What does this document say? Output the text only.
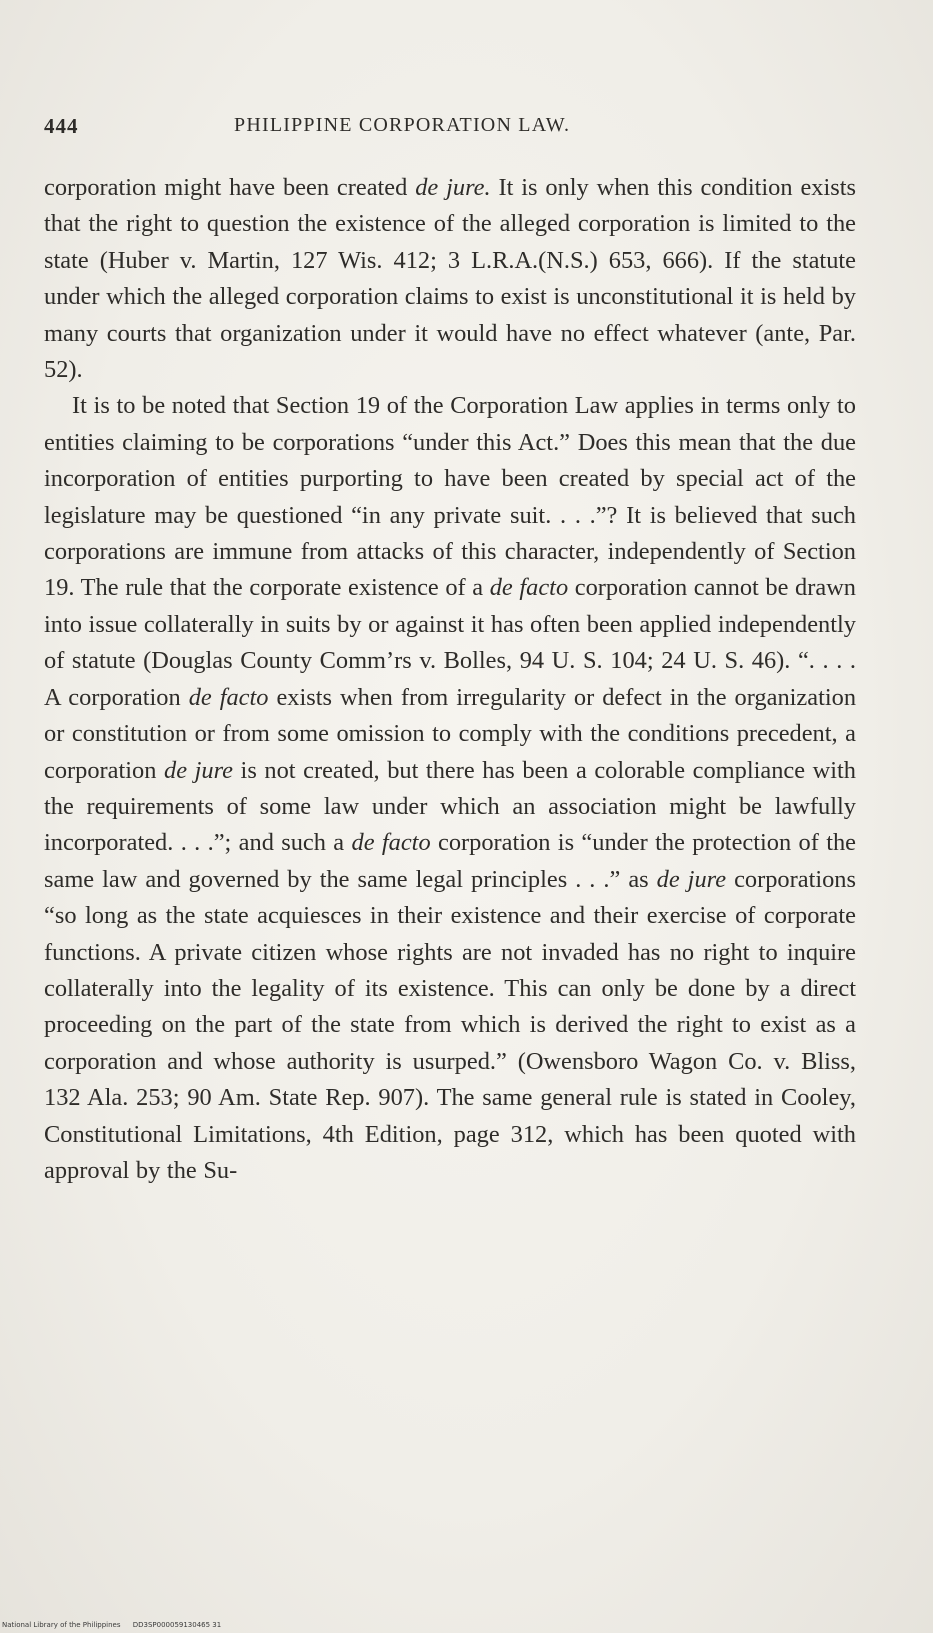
444	PHILIPPINE CORPORATION LAW.

corporation might have been created de jure. It is only when this condition exists that the right to question the existence of the alleged corporation is limited to the state (Huber v. Martin, 127 Wis. 412; 3 L.R.A.(N.S.) 653, 666). If the statute under which the alleged corporation claims to exist is unconstitutional it is held by many courts that organization under it would have no effect whatever (ante, Par. 52).

It is to be noted that Section 19 of the Corporation Law applies in terms only to entities claiming to be corporations “under this Act.” Does this mean that the due incorporation of entities purporting to have been created by special act of the legislature may be questioned “in any private suit. . . .”? It is believed that such corporations are immune from attacks of this character, independently of Section 19. The rule that the corporate existence of a de facto corporation cannot be drawn into issue collaterally in suits by or against it has often been applied independently of statute (Douglas County Comm’rs v. Bolles, 94 U. S. 104; 24 U. S. 46). “. . . . A corporation de facto exists when from irregularity or defect in the organization or constitution or from some omission to comply with the conditions precedent, a corporation de jure is not created, but there has been a colorable compliance with the requirements of some law under which an association might be lawfully incorporated. . . .”; and such a de facto corporation is “under the protection of the same law and governed by the same legal principles . . .” as de jure corporations “so long as the state acquiesces in their existence and their exercise of corporate functions. A private citizen whose rights are not invaded has no right to inquire collaterally into the legality of its existence. This can only be done by a direct proceeding on the part of the state from which is derived the right to exist as a corporation and whose authority is usurped.” (Owensboro Wagon Co. v. Bliss, 132 Ala. 253; 90 Am. State Rep. 907). The same general rule is stated in Cooley, Constitutional Limitations, 4th Edition, page 312, which has been quoted with approval by the Su-

National Library of the Philippines DD3SP000059130465 31
